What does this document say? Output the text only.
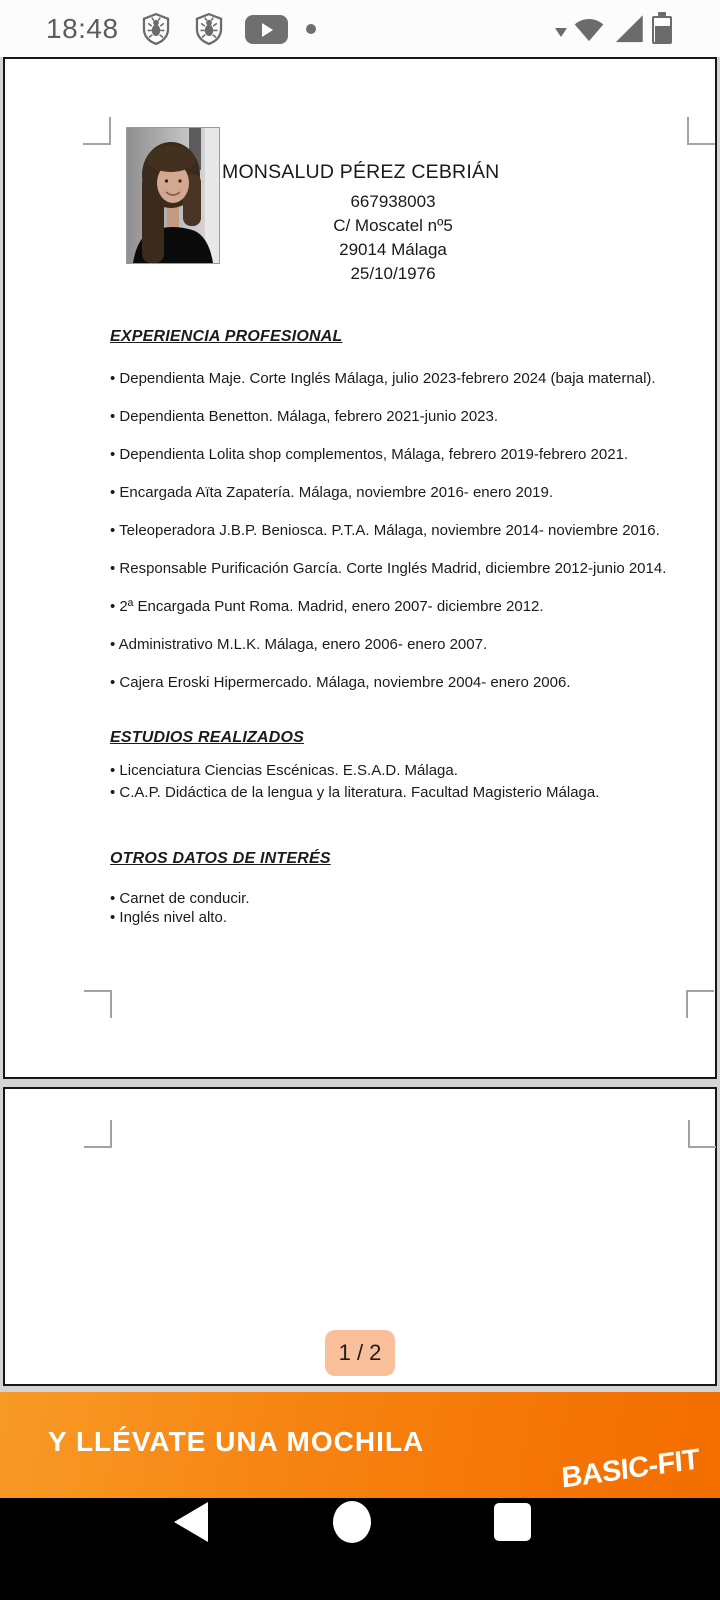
18:48
MONSALUD PÉREZ CEBRIÁN
667938003
C/ Moscatel nº5
29014 Málaga
25/10/1976
EXPERIENCIA PROFESIONAL
• Dependienta Maje. Corte Inglés Málaga, julio 2023-febrero 2024 (baja maternal).
• Dependienta Benetton. Málaga, febrero 2021-junio 2023.
• Dependienta Lolita shop complementos, Málaga, febrero 2019-febrero 2021.
• Encargada Aïta Zapatería. Málaga, noviembre 2016- enero 2019.
• Teleoperadora J.B.P. Beniosca. P.T.A. Málaga, noviembre 2014- noviembre 2016.
• Responsable Purificación García. Corte Inglés Madrid, diciembre 2012-junio 2014.
• 2ª Encargada Punt Roma. Madrid, enero 2007- diciembre 2012.
• Administrativo M.L.K. Málaga, enero 2006- enero 2007.
• Cajera Eroski Hipermercado. Málaga, noviembre 2004- enero 2006.
ESTUDIOS REALIZADOS
• Licenciatura Ciencias Escénicas. E.S.A.D. Málaga.
• C.A.P. Didáctica de la lengua y la literatura. Facultad Magisterio Málaga.
OTROS DATOS DE INTERÉS
• Carnet de conducir.
• Inglés nivel alto.
1 / 2
Y LLÉVATE UNA MOCHILA
BASIC-FIT
